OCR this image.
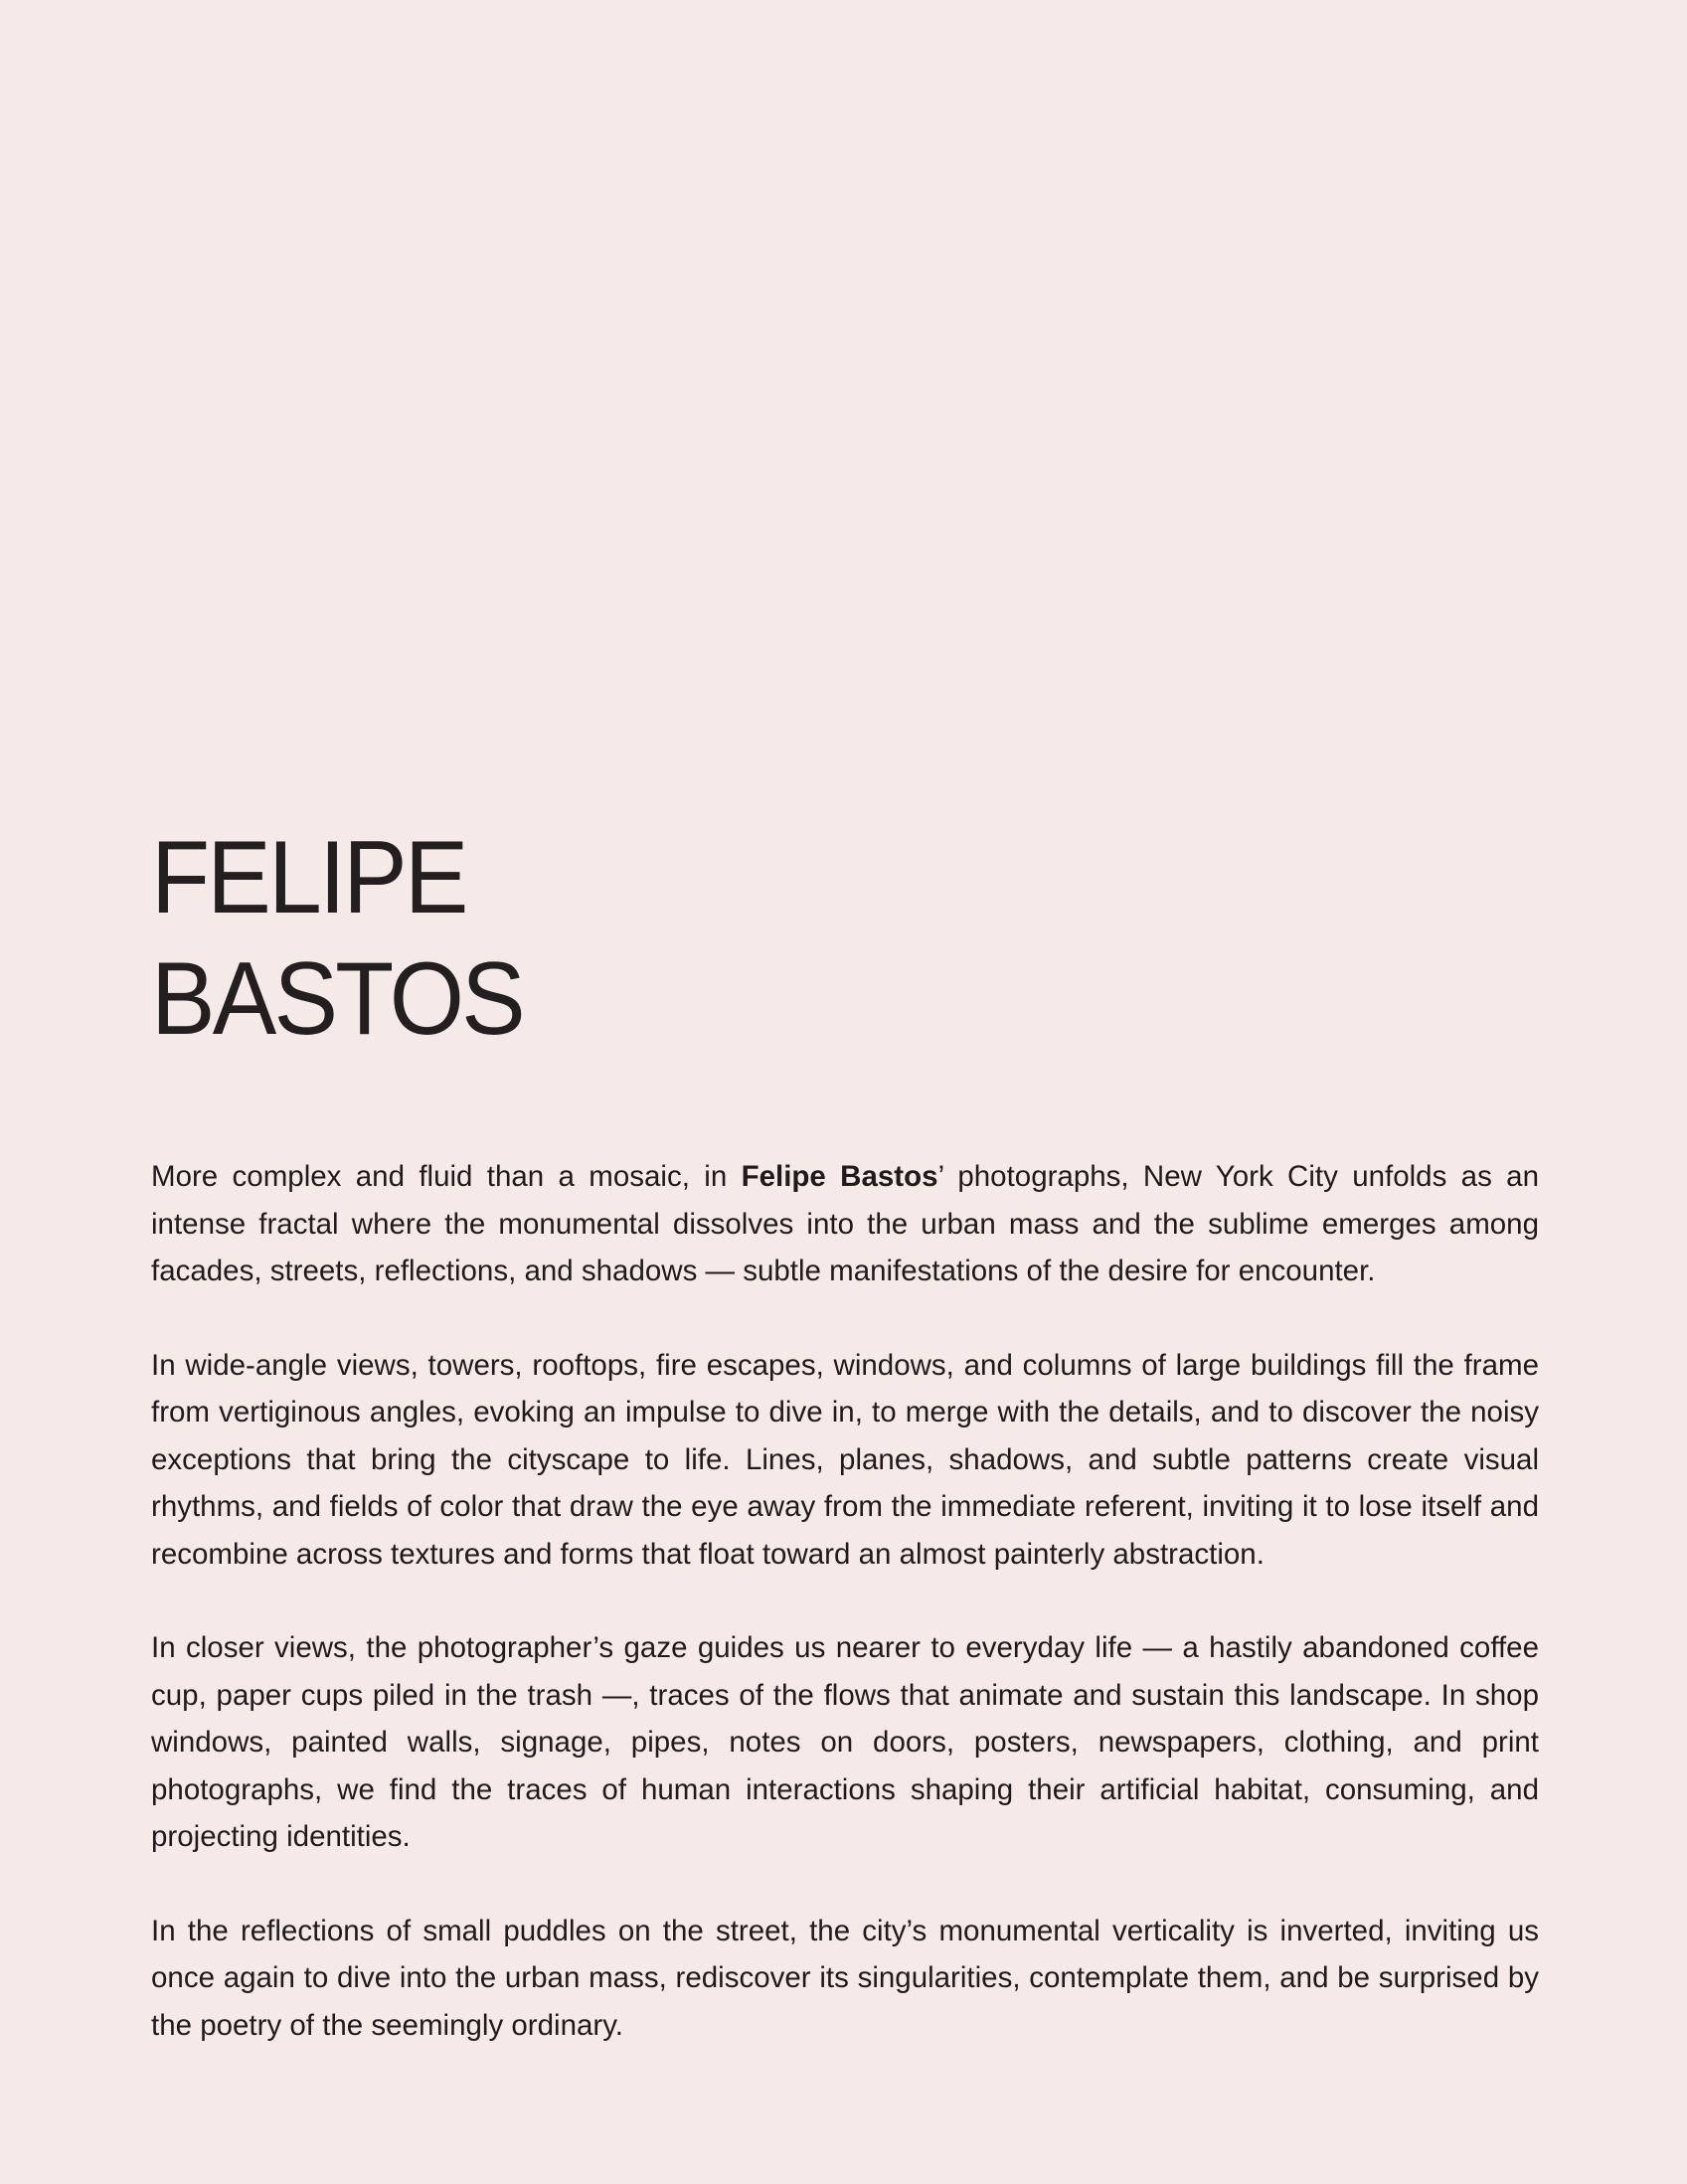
FELIPE
BASTOS

More complex and fluid than a mosaic, in Felipe Bastos’ photographs, New York City unfolds as an intense fractal where the monumental dissolves into the urban mass and the sublime emerges among facades, streets, reflections, and shadows — subtle manifestations of the desire for encounter.

In wide-angle views, towers, rooftops, fire escapes, windows, and columns of large buildings fill the frame from vertiginous angles, evoking an impulse to dive in, to merge with the details, and to discover the noisy exceptions that bring the cityscape to life. Lines, planes, shadows, and subtle patterns create visual rhythms, and fields of color that draw the eye away from the immediate referent, inviting it to lose itself and recombine across textures and forms that float toward an almost painterly abstraction.

In closer views, the photographer’s gaze guides us nearer to everyday life — a hastily abandoned coffee cup, paper cups piled in the trash —, traces of the flows that animate and sustain this landscape. In shop windows, painted walls, signage, pipes, notes on doors, posters, newspapers, clothing, and print photographs, we find the traces of human interactions shaping their artificial habitat, consuming, and projecting identities.

In the reflections of small puddles on the street, the city’s monumental verticality is inverted, inviting us once again to dive into the urban mass, rediscover its singularities, contemplate them, and be surprised by the poetry of the seemingly ordinary.
